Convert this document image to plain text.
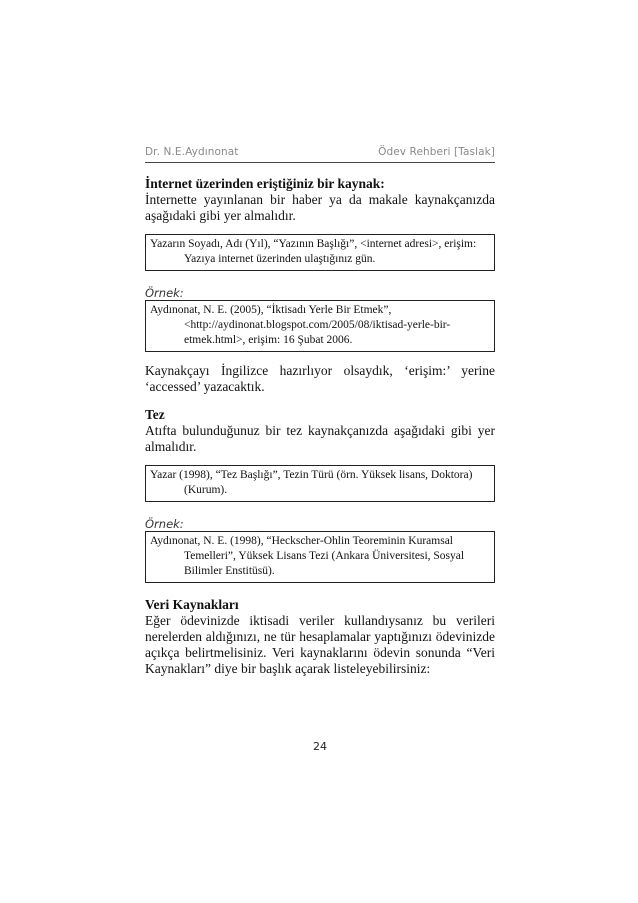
Dr. N.E.Aydınonat	Ödev Rehberi [Taslak]
İnternet üzerinden eriştiğiniz bir kaynak:

İnternette yayınlanan bir haber ya da makale kaynakçanızda aşağıdaki gibi yer almalıdır.

Yazarın Soyadı, Adı (Yıl), “Yazının Başlığı”, <internet adresi>, erişim: Yazıya internet üzerinden ulaştığınız gün.
Örnek:
Aydınonat, N. E. (2005), “İktisadı Yerle Bir Etmek”, <http://aydinonat.blogspot.com/2005/08/iktisad-yerle-bir-etmek.html>, erişim: 16 Şubat 2006.

Kaynakçayı İngilizce hazırlıyor olsaydık, ‘erişim:’ yerine ‘accessed’ yazacaktık.

Tez

Atıfta bulunduğunuz bir tez kaynakçanızda aşağıdaki gibi yer almalıdır.

Yazar (1998), “Tez Başlığı”, Tezin Türü (örn. Yüksek lisans, Doktora) (Kurum).
Örnek:
Aydınonat, N. E. (1998), “Heckscher-Ohlin Teoreminin Kuramsal Temelleri”, Yüksek Lisans Tezi (Ankara Üniversitesi, Sosyal Bilimler Enstitüsü).
Veri Kaynakları

Eğer ödevinizde iktisadi veriler kullandıysanız bu verileri nerelerden aldığınızı, ne tür hesaplamalar yaptığınızı ödevinizde açıkça belirtmelisiniz. Veri kaynaklarını ödevin sonunda “Veri Kaynakları” diye bir başlık açarak listeleyebilirsiniz:

24
